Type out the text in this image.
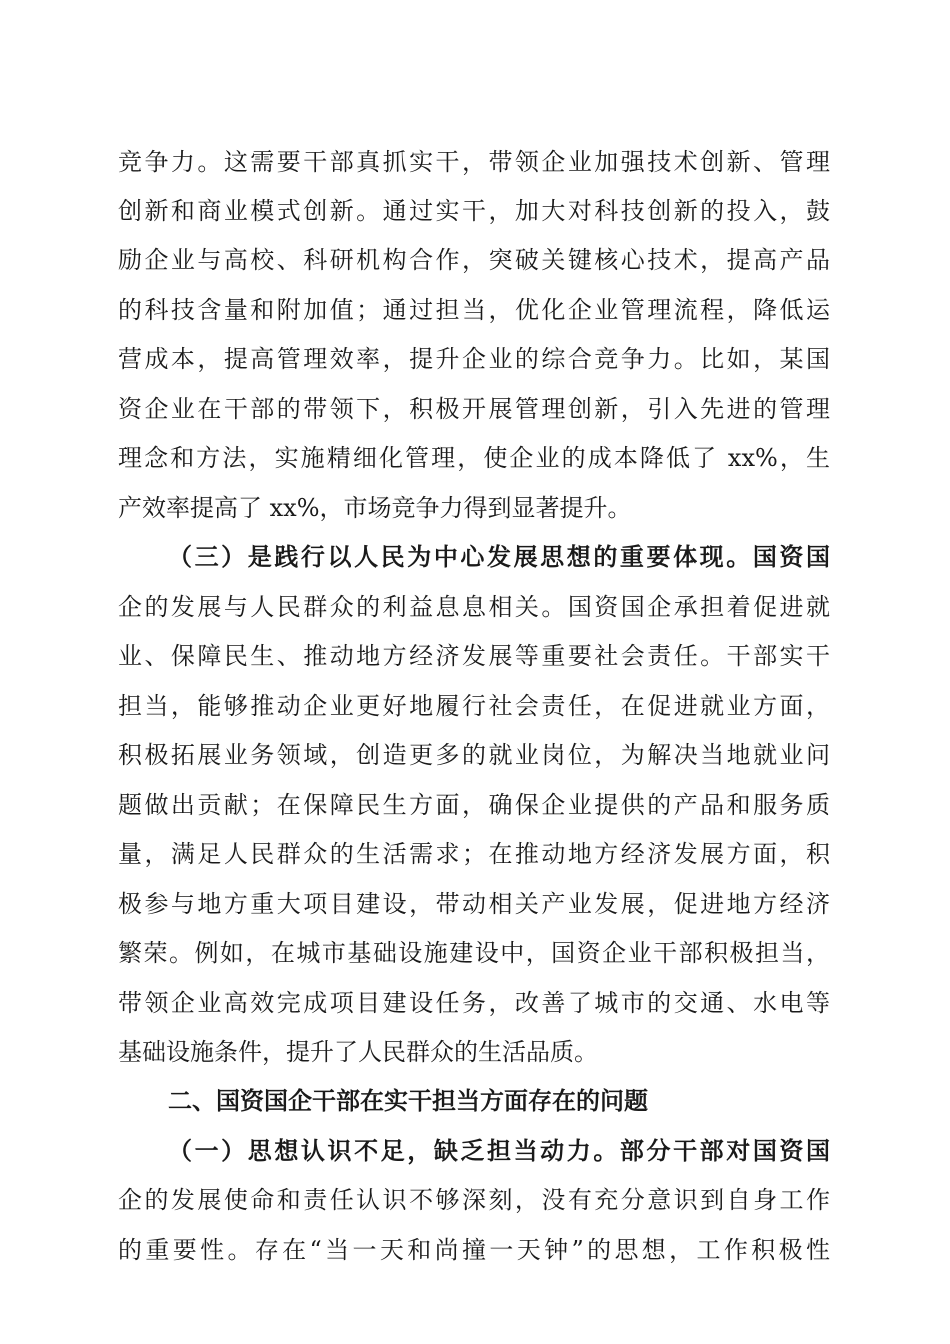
竞争力。这需要干部真抓实干，带领企业加强技术创新、管理
创新和商业模式创新。通过实干，加大对科技创新的投入，鼓
励企业与高校、科研机构合作，突破关键核心技术，提高产品
的科技含量和附加值；通过担当，优化企业管理流程，降低运
营成本，提高管理效率，提升企业的综合竞争力。比如，某国
资企业在干部的带领下，积极开展管理创新，引入先进的管理
理念和方法，实施精细化管理，使企业的成本降低了 xx%，生
产效率提高了 xx%，市场竞争力得到显著提升。
（三）是践行以人民为中心发展思想的重要体现。国资国
企的发展与人民群众的利益息息相关。国资国企承担着促进就
业、保障民生、推动地方经济发展等重要社会责任。干部实干
担当，能够推动企业更好地履行社会责任，在促进就业方面，
积极拓展业务领域，创造更多的就业岗位，为解决当地就业问
题做出贡献；在保障民生方面，确保企业提供的产品和服务质
量，满足人民群众的生活需求；在推动地方经济发展方面，积
极参与地方重大项目建设，带动相关产业发展，促进地方经济
繁荣。例如，在城市基础设施建设中，国资企业干部积极担当，
带领企业高效完成项目建设任务，改善了城市的交通、水电等
基础设施条件，提升了人民群众的生活品质。
二、国资国企干部在实干担当方面存在的问题
（一）思想认识不足，缺乏担当动力。部分干部对国资国
企的发展使命和责任认识不够深刻，没有充分意识到自身工作
的重要性。存在“当一天和尚撞一天钟”的思想，工作积极性
